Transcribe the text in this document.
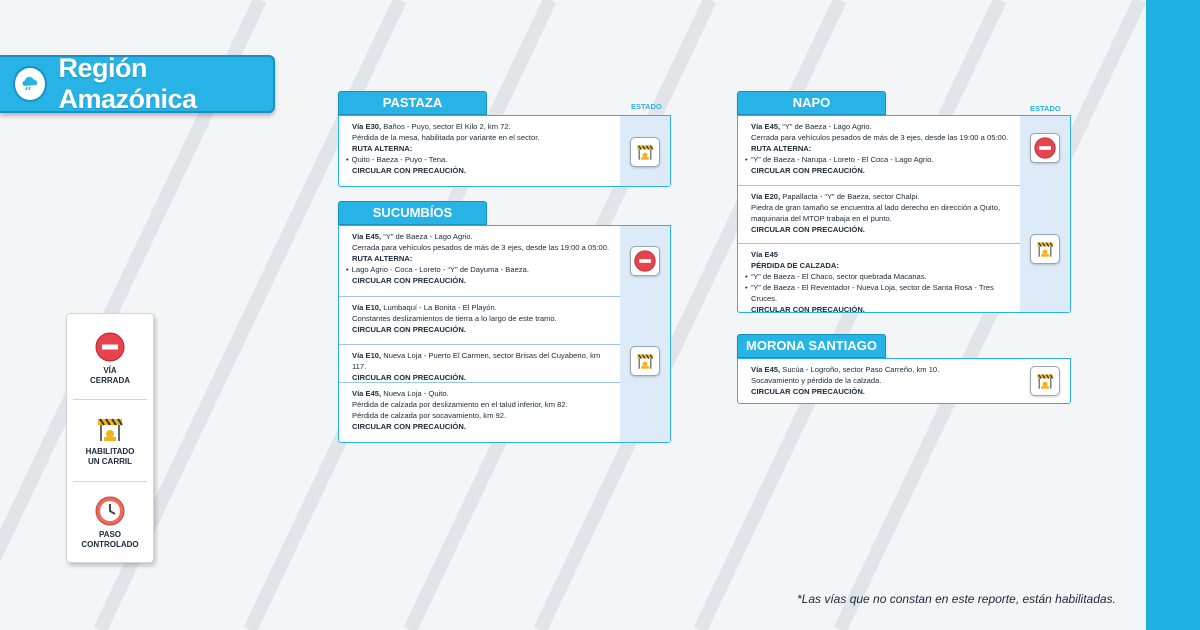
Región Amazónica
VÍA
CERRADA
HABILITADO
UN CARRIL
PASO
CONTROLADO
PASTAZA	ESTADO
Vía E30, Baños - Puyo, sector El Kilo 2, km 72.
Pérdida de la mesa, habilitada por variante en el sector.
RUTA ALTERNA:
• Quito - Baeza - Puyo - Tena.
CIRCULAR CON PRECAUCIÓN.
SUCUMBÍOS
Vía E45, “Y” de Baeza - Lago Agrio.
Cerrada para vehículos pesados de más de 3 ejes, desde las 19:00 a 05:00.
RUTA ALTERNA:
• Lago Agrio - Coca - Loreto - “Y” de Dayuma - Baeza.
CIRCULAR CON PRECAUCIÓN.
Vía E10, Lumbaquí - La Bonita - El Playón.
Constantes deslizamientos de tierra a lo largo de este tramo.
CIRCULAR CON PRECAUCIÓN.
Vía E10, Nueva Loja - Puerto El Carmen, sector Brisas del Cuyabeno, km 117.
CIRCULAR CON PRECAUCIÓN.
Vía E45, Nueva Loja - Quito.
Pérdida de calzada por deslizamiento en el talud inferior, km 82.
Pérdida de calzada por socavamiento, km 92.
CIRCULAR CON PRECAUCIÓN.
NAPO	ESTADO
Vía E45, “Y” de Baeza - Lago Agrio.
Cerrada para vehículos pesados de más de 3 ejes, desde las 19:00 a 05:00.
RUTA ALTERNA:
• “Y” de Baeza - Narupa - Loreto - El Coca - Lago Agrio.
CIRCULAR CON PRECAUCIÓN.
Vía E20, Papallacta - “Y” de Baeza, sector Chalpi.
Piedra de gran tamaño se encuentra al lado derecho en dirección a Quito,
maquinaria del MTOP trabaja en el punto.
CIRCULAR CON PRECAUCIÓN.
Vía E45
PÉRDIDA DE CALZADA:
• “Y” de Baeza - El Chaco, sector quebrada Macanas.
• “Y” de Baeza - El Reventador - Nueva Loja, sector de Santa Rosa - Tres Cruces.
CIRCULAR CON PRECAUCIÓN.
MORONA SANTIAGO
Vía E45, Sucúa - Logroño, sector Paso Carreño, km 10.
Socavamiento y pérdida de la calzada.
CIRCULAR CON PRECAUCIÓN.
*Las vías que no constan en este reporte, están habilitadas.
